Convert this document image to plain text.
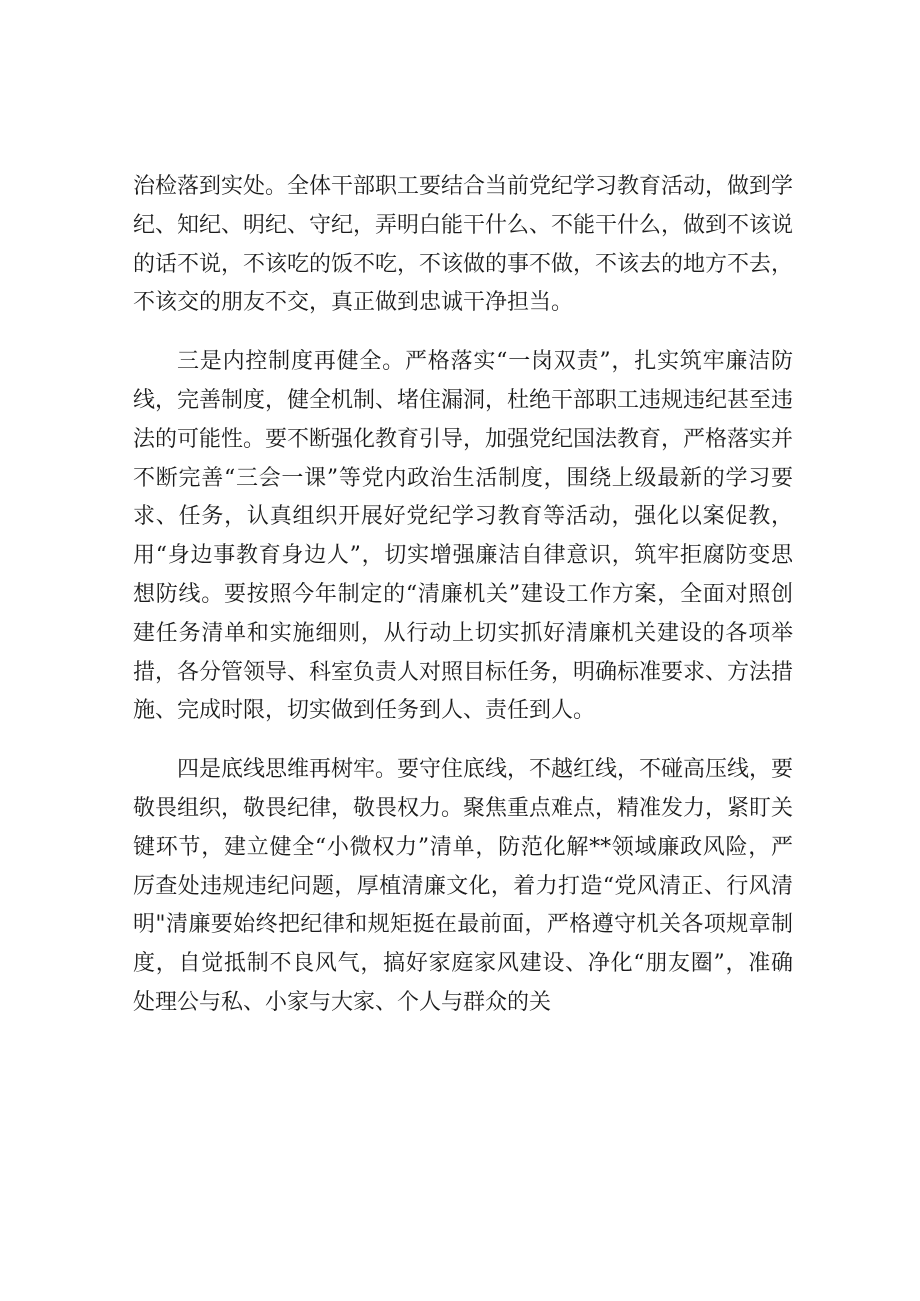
治检落到实处。全体干部职工要结合当前党纪学习教育活动，做到学纪、知纪、明纪、守纪，弄明白能干什么、不能干什么，做到不该说的话不说，不该吃的饭不吃，不该做的事不做，不该去的地方不去，不该交的朋友不交，真正做到忠诚干净担当。

三是内控制度再健全。严格落实“一岗双责”，扎实筑牢廉洁防线，完善制度，健全机制、堵住漏洞，杜绝干部职工违规违纪甚至违法的可能性。要不断强化教育引导，加强党纪国法教育，严格落实并不断完善“三会一课”等党内政治生活制度，围绕上级最新的学习要求、任务，认真组织开展好党纪学习教育等活动，强化以案促教，用“身边事教育身边人”，切实增强廉洁自律意识，筑牢拒腐防变思想防线。要按照今年制定的“清廉机关”建设工作方案，全面对照创建任务清单和实施细则，从行动上切实抓好清廉机关建设的各项举措，各分管领导、科室负责人对照目标任务，明确标准要求、方法措施、完成时限，切实做到任务到人、责任到人。

四是底线思维再树牢。要守住底线，不越红线，不碰高压线，要敬畏组织，敬畏纪律，敬畏权力。聚焦重点难点，精准发力，紧盯关键环节，建立健全“小微权力”清单，防范化解**领域廉政风险，严厉查处违规违纪问题，厚植清廉文化，着力打造“党风清正、行风清明"清廉要始终把纪律和规矩挺在最前面，严格遵守机关各项规章制度，自觉抵制不良风气，搞好家庭家风建设、净化“朋友圈”，准确处理公与私、小家与大家、个人与群众的关
